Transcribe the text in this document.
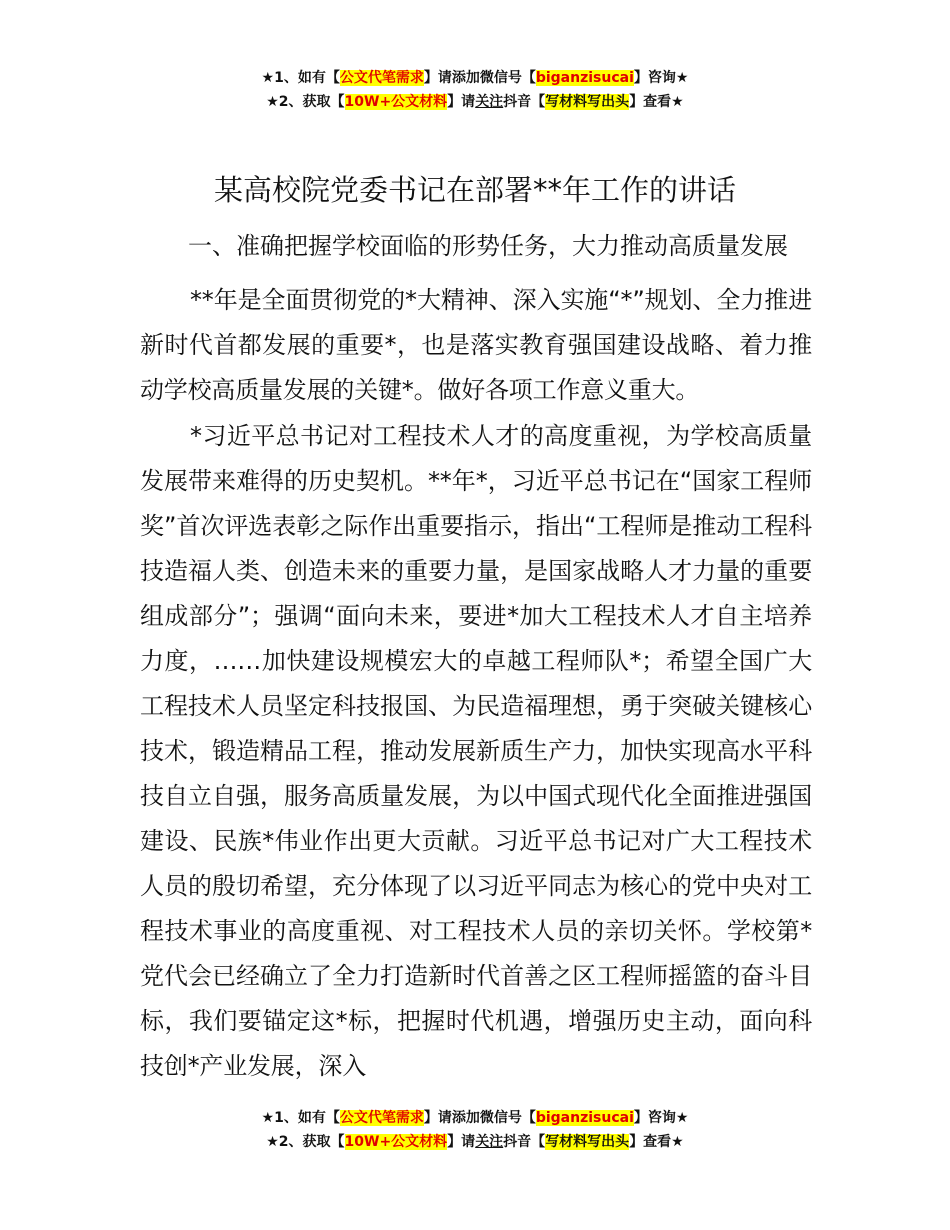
★1、如有【公文代笔需求】请添加微信号【biganzisucai】咨询★
★2、获取【10W+公文材料】请关注抖音【写材料写出头】查看★
某高校院党委书记在部署**年工作的讲话
一、准确把握学校面临的形势任务，大力推动高质量发展

**年是全面贯彻党的*大精神、深入实施“*”规划、全力推进新时代首都发展的重要*，也是落实教育强国建设战略、着力推动学校高质量发展的关键*。做好各项工作意义重大。

*习近平总书记对工程技术人才的高度重视，为学校高质量发展带来难得的历史契机。**年*，习近平总书记在“国家工程师奖”首次评选表彰之际作出重要指示，指出“工程师是推动工程科技造福人类、创造未来的重要力量，是国家战略人才力量的重要组成部分”；强调“面向未来，要进*加大工程技术人才自主培养力度，……加快建设规模宏大的卓越工程师队*；希望全国广大工程技术人员坚定科技报国、为民造福理想，勇于突破关键核心技术，锻造精品工程，推动发展新质生产力，加快实现高水平科技自立自强，服务高质量发展，为以中国式现代化全面推进强国建设、民族*伟业作出更大贡献。习近平总书记对广大工程技术人员的殷切希望，充分体现了以习近平同志为核心的党中央对工程技术事业的高度重视、对工程技术人员的亲切关怀。学校第*党代会已经确立了全力打造新时代首善之区工程师摇篮的奋斗目标，我们要锚定这*标，把握时代机遇，增强历史主动，面向科技创*产业发展，深入

★1、如有【公文代笔需求】请添加微信号【biganzisucai】咨询★
★2、获取【10W+公文材料】请关注抖音【写材料写出头】查看★
